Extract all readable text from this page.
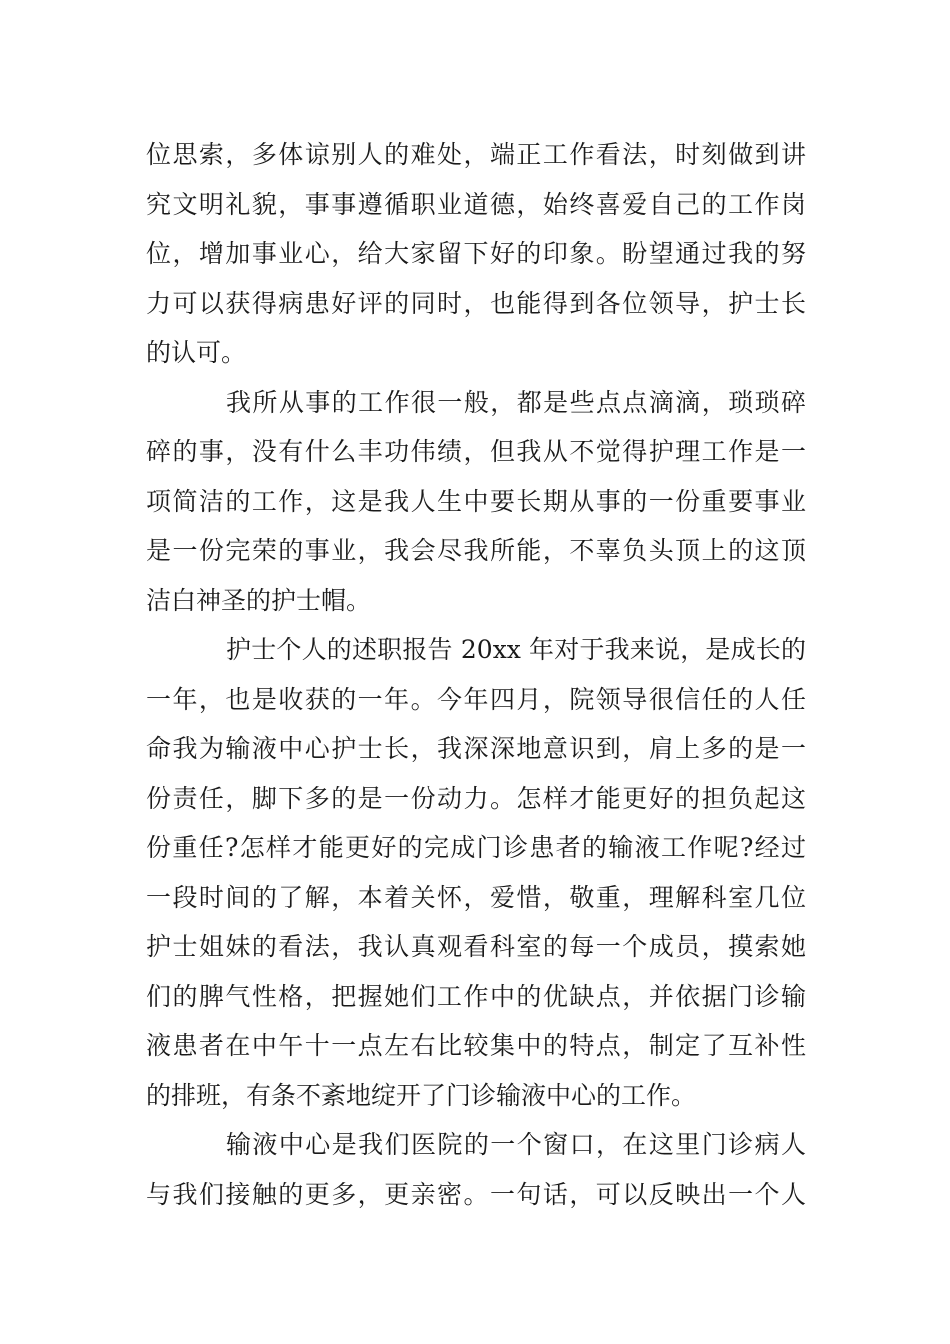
位思索，多体谅别人的难处，端正工作看法，时刻做到讲
究文明礼貌，事事遵循职业道德，始终喜爱自己的工作岗
位，增加事业心，给大家留下好的印象。盼望通过我的努
力可以获得病患好评的同时，也能得到各位领导，护士长
的认可。
我所从事的工作很一般，都是些点点滴滴，琐琐碎
碎的事，没有什么丰功伟绩，但我从不觉得护理工作是一
项简洁的工作，这是我人生中要长期从事的一份重要事业
是一份完荣的事业，我会尽我所能，不辜负头顶上的这顶
洁白神圣的护士帽。
护士个人的述职报告 20xx 年对于我来说，是成长的
一年，也是收获的一年。今年四月，院领导很信任的人任
命我为输液中心护士长，我深深地意识到，肩上多的是一
份责任，脚下多的是一份动力。怎样才能更好的担负起这
份重任?怎样才能更好的完成门诊患者的输液工作呢?经过
一段时间的了解，本着关怀，爱惜，敬重，理解科室几位
护士姐妹的看法，我认真观看科室的每一个成员，摸索她
们的脾气性格，把握她们工作中的优缺点，并依据门诊输
液患者在中午十一点左右比较集中的特点，制定了互补性
的排班，有条不紊地绽开了门诊输液中心的工作。
输液中心是我们医院的一个窗口，在这里门诊病人
与我们接触的更多，更亲密。一句话，可以反映出一个人
